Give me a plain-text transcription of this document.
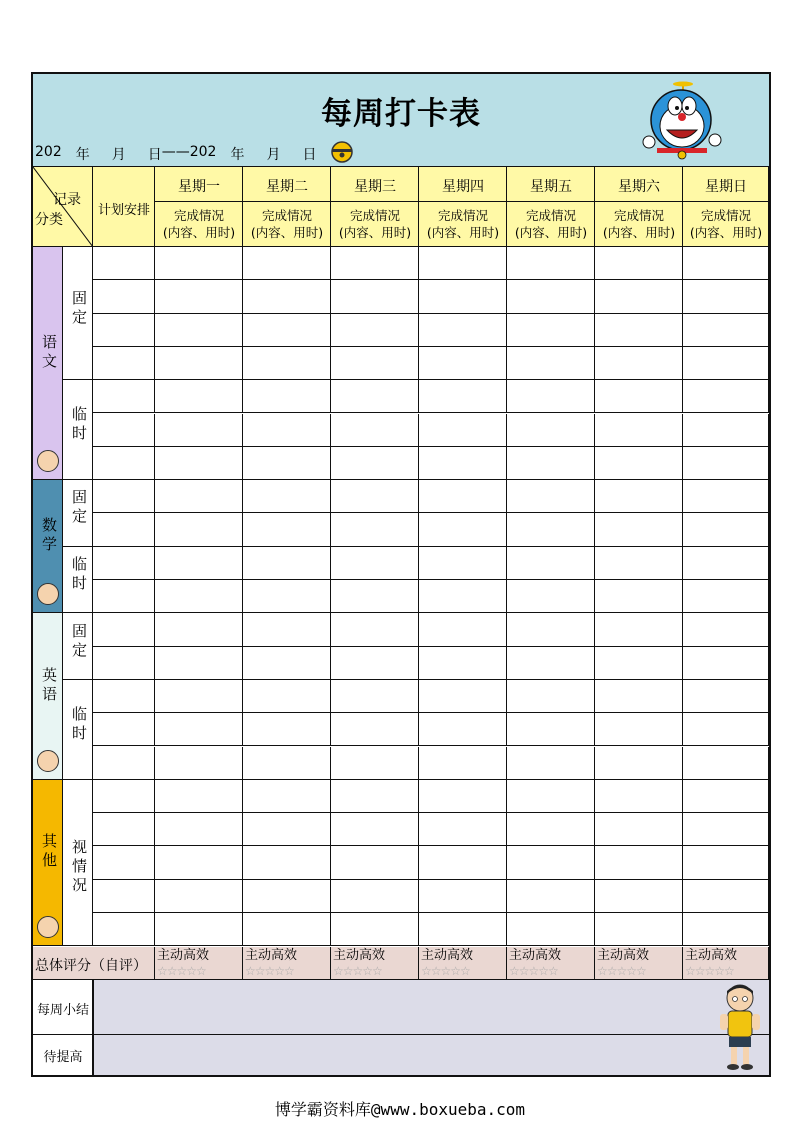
每周打卡表
202 年 月 日 —— 202 年 月 日
记录
分类
计划安排
星期一
完成情况
(内容、用时)
星期二
完成情况
(内容、用时)
星期三
完成情况
(内容、用时)
星期四
完成情况
(内容、用时)
星期五
完成情况
(内容、用时)
星期六
完成情况
(内容、用时)
星期日
完成情况
(内容、用时)
语文
固定
临时
数学
固定
临时
英语
固定
临时
其他 视情况
总体评分（自评）
主动高效
☆☆☆☆☆
主动高效
☆☆☆☆☆
主动高效
☆☆☆☆☆
主动高效
☆☆☆☆☆
主动高效
☆☆☆☆☆
主动高效
☆☆☆☆☆
主动高效
☆☆☆☆☆
每周小结
待提高
博学霸资料库@www.boxueba.com
